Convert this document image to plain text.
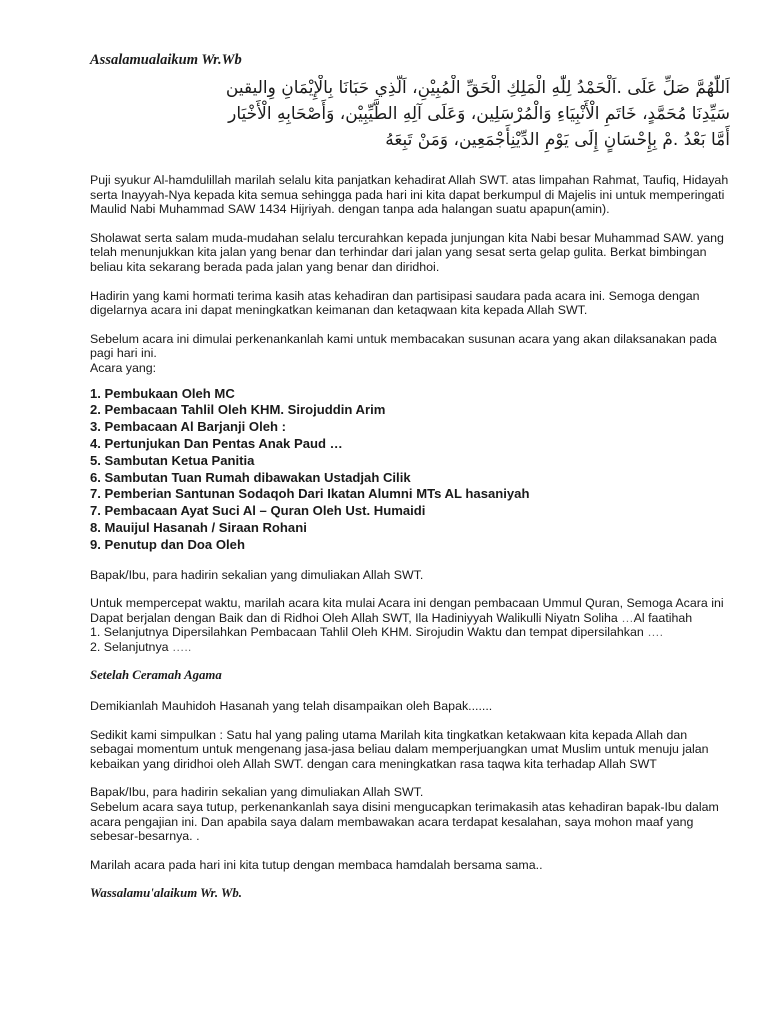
Assalamualaikum Wr.Wb
اَللّٰهُمَّ صَلِّ عَلَى .اَلْحَمْدُ لِلّٰهِ الْمَلِكِ الْحَقِّ الْمُبِيْنِ، اَلَّذِي حَبَانَا بِالْإِيْمَانِ وِاليقين
سَيِّدِنَا مُحَمَّدٍ، خَاتَمِ الْأَنْبِيَاءِ وَالْمُرْسَلِين، وَعَلَى آلِهِ الطَّيِّبِيْن، وَأَصْحَابِهِ الْأَخْيَار
أَمَّا بَعْدُ .مْ بِإِحْسَانٍ إِلَى يَوْمِ الدِّيْنِأَجْمَعِين، وَمَنْ تَبِعَهُ
Puji syukur Al-hamdulillah marilah selalu kita panjatkan kehadirat Allah SWT. atas limpahan Rahmat, Taufiq, Hidayah serta Inayyah-Nya kepada kita semua sehingga pada hari ini kita dapat berkumpul di Majelis ini untuk memperingati Maulid Nabi Muhammad SAW 1434 Hijriyah. dengan tanpa ada halangan suatu apapun(amin).
Sholawat serta salam muda-mudahan selalu tercurahkan kepada junjungan kita Nabi besar Muhammad SAW. yang telah menunjukkan kita jalan yang benar dan terhindar dari jalan yang sesat serta gelap gulita. Berkat bimbingan beliau kita sekarang berada pada jalan yang benar dan diridhoi.
Hadirin yang kami hormati terima kasih atas kehadiran dan partisipasi saudara pada acara ini. Semoga dengan digelarnya acara ini dapat meningkatkan keimanan dan ketaqwaan kita kepada Allah SWT.
Sebelum acara ini dimulai perkenankanlah kami untuk membacakan susunan acara yang akan dilaksanakan pada pagi hari ini.
Acara yang:
1. Pembukaan Oleh MC
2. Pembacaan Tahlil Oleh KHM. Sirojuddin Arim
3. Pembacaan Al Barjanji Oleh :
4. Pertunjukan Dan Pentas Anak Paud …
5. Sambutan Ketua Panitia
6. Sambutan Tuan Rumah dibawakan Ustadjah Cilik
7. Pemberian Santunan Sodaqoh Dari Ikatan Alumni MTs AL hasaniyah
7. Pembacaan Ayat Suci Al – Quran Oleh Ust. Humaidi
8. Mauijul Hasanah / Siraan Rohani
9. Penutup dan Doa Oleh
Bapak/Ibu, para hadirin sekalian yang dimuliakan Allah SWT.
Untuk mempercepat waktu, marilah acara kita mulai Acara ini dengan pembacaan Ummul Quran, Semoga Acara ini Dapat berjalan dengan Baik dan di Ridhoi Oleh Allah SWT, Ila Hadiniyyah Walikulli Niyatn Soliha …Al faatihah
1. Selanjutnya Dipersilahkan Pembacaan Tahlil Oleh KHM. Sirojudin Waktu dan tempat dipersilahkan ….
2. Selanjutnya …..
Setelah Ceramah Agama
Demikianlah Mauhidoh Hasanah yang telah disampaikan oleh Bapak.......
Sedikit kami simpulkan : Satu hal yang paling utama Marilah kita tingkatkan ketakwaan kita kepada Allah dan sebagai momentum untuk mengenang jasa-jasa beliau dalam memperjuangkan umat Muslim untuk menuju jalan kebaikan yang diridhoi oleh Allah SWT. dengan cara meningkatkan rasa taqwa kita terhadap Allah SWT
Bapak/Ibu, para hadirin sekalian yang dimuliakan Allah SWT.
Sebelum acara saya tutup, perkenankanlah saya disini mengucapkan terimakasih atas kehadiran bapak-Ibu dalam acara pengajian ini. Dan apabila saya dalam membawakan acara terdapat kesalahan, saya mohon maaf yang sebesar-besarnya. .
Marilah acara pada hari ini kita tutup dengan membaca hamdalah bersama sama..
Wassalamu'alaikum Wr. Wb.
